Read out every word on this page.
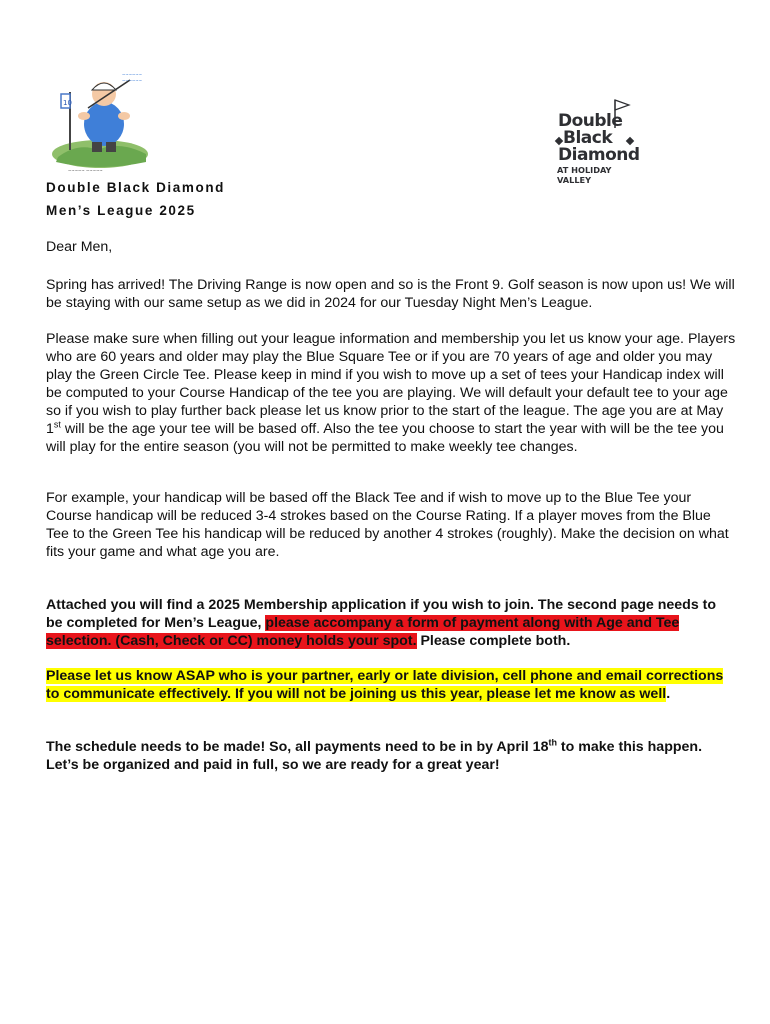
10
~~~~~~
~~~~~~
~~~~~ ~~~~~
Double
Black
Diamond
AT HOLIDAY VALLEY
Double Black Diamond
Men’s League 2025
Dear Men,
Spring has arrived! The Driving Range is now open and so is the Front 9. Golf season is now upon us! We will be staying with our same setup as we did in 2024 for our Tuesday Night Men’s League.
Please make sure when filling out your league information and membership you let us know your age. Players who are 60 years and older may play the Blue Square Tee or if you are 70 years of age and older you may play the Green Circle Tee. Please keep in mind if you wish to move up a set of tees your Handicap index will be computed to your Course Handicap of the tee you are playing. We will default your default tee to your age so if you wish to play further back please let us know prior to the start of the league. The age you are at May 1st will be the age your tee will be based off. Also the tee you choose to start the year with will be the tee you will play for the entire season (you will not be permitted to make weekly tee changes.
For example, your handicap will be based off the Black Tee and if wish to move up to the Blue Tee your Course handicap will be reduced 3-4 strokes based on the Course Rating. If a player moves from the Blue Tee to the Green Tee his handicap will be reduced by another 4 strokes (roughly). Make the decision on what fits your game and what age you are.
Attached you will find a 2025 Membership application if you wish to join. The second page needs to be completed for Men’s League, please accompany a form of payment along with Age and Tee selection. (Cash, Check or CC) money holds your spot. Please complete both.
Please let us know ASAP who is your partner, early or late division, cell phone and email corrections to communicate effectively. If you will not be joining us this year, please let me know as well.
The schedule needs to be made! So, all payments need to be in by April 18th to make this happen. Let’s be organized and paid in full, so we are ready for a great year!
